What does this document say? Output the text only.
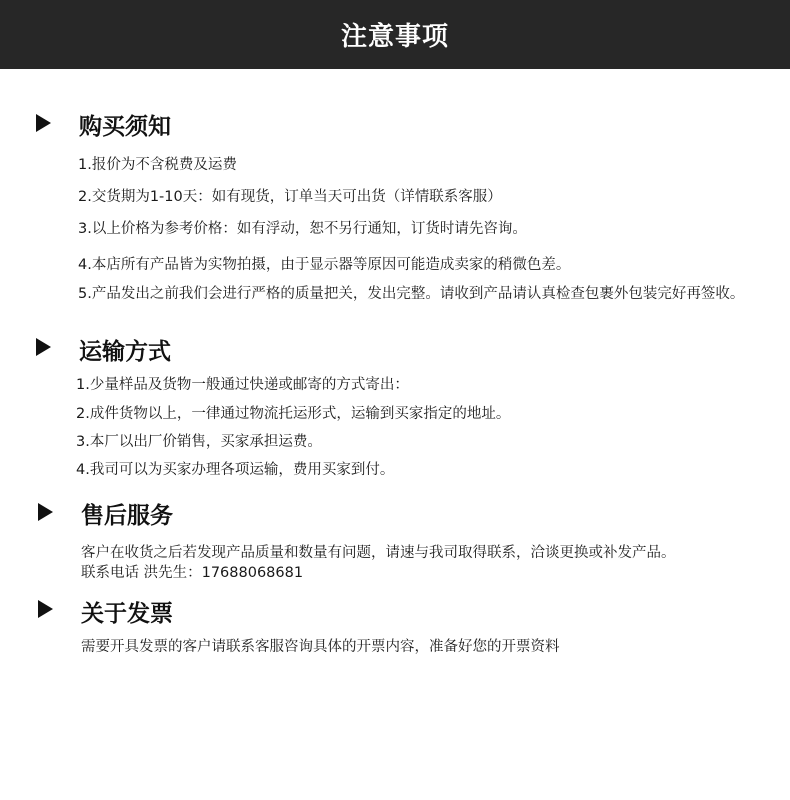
注意事项
购买须知
1.报价为不含税费及运费
2.交货期为1-10天：如有现货，订单当天可出货（详情联系客服）
3.以上价格为参考价格：如有浮动，恕不另行通知，订货时请先咨询。
4.本店所有产品皆为实物拍摄，由于显示器等原因可能造成卖家的稍微色差。
5.产品发出之前我们会进行严格的质量把关，发出完整。请收到产品请认真检查包裹外包装完好再签收。
运输方式
1.少量样品及货物一般通过快递或邮寄的方式寄出：
2.成件货物以上，一律通过物流托运形式，运输到买家指定的地址。
3.本厂以出厂价销售，买家承担运费。
4.我司可以为买家办理各项运输，费用买家到付。
售后服务
客户在收货之后若发现产品质量和数量有问题，请速与我司取得联系，洽谈更换或补发产品。
联系电话 洪先生：17688068681
关于发票
需要开具发票的客户请联系客服咨询具体的开票内容，准备好您的开票资料
